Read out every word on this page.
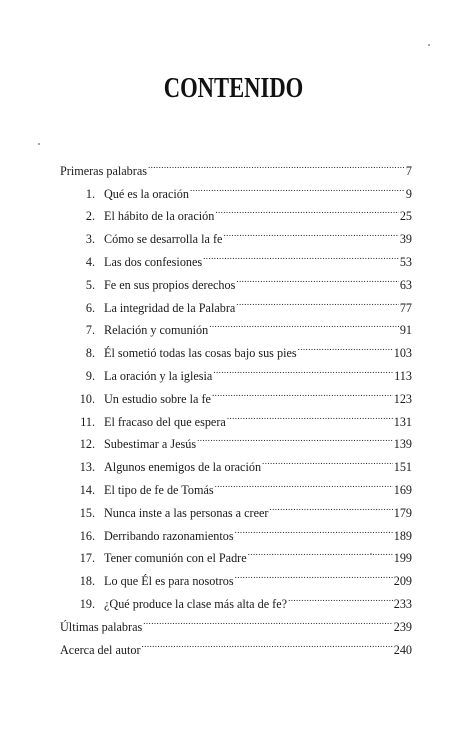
CONTENIDO
Primeras palabras .....	7
1. Qué es la oración .....	9
2. El hábito de la oración .....	25
3. Cómo se desarrolla la fe .....	39
4. Las dos confesiones .....	53
5. Fe en sus propios derechos .....	63
6. La integridad de la Palabra .....	77
7. Relación y comunión .....	91
8. Él sometió todas las cosas bajo sus pies .....	103
9. La oración y la iglesia .....	113
10. Un estudio sobre la fe .....	123
11. El fracaso del que espera .....	131
12. Subestimar a Jesús .....	139
13. Algunos enemigos de la oración .....	151
14. El tipo de fe de Tomás .....	169
15. Nunca inste a las personas a creer .....	179
16. Derribando razonamientos .....	189
17. Tener comunión con el Padre .....	199
18. Lo que Él es para nosotros .....	209
19. ¿Qué produce la clase más alta de fe? .....	233
Últimas palabras .....	239
Acerca del autor .....	240
